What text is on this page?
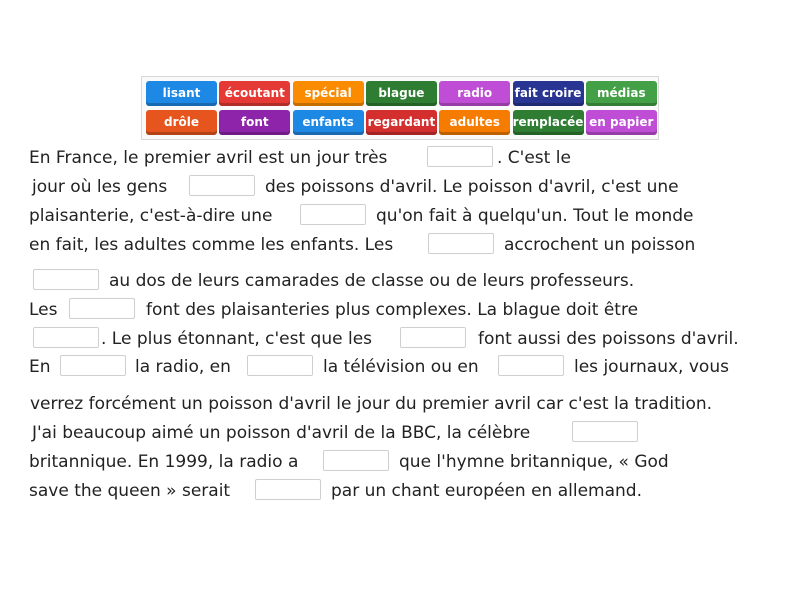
lisant	écoutant	spécial	blague	radio	fait croire	médias
drôle	font	enfants	regardant	adultes	remplacée en papier
En France, le premier avril est un jour très	. C'est le
jour où les gens	des poissons d'avril. Le poisson d'avril, c'est une
plaisanterie, c'est-à-dire une	qu'on fait à quelqu'un. Tout le monde
en fait, les adultes comme les enfants. Les	accrochent un poisson
au dos de leurs camarades de classe ou de leurs professeurs.
Les	font des plaisanteries plus complexes. La blague doit être
. Le plus étonnant, c'est que les	font aussi des poissons d'avril.
En	la radio, en	la télévision ou en	les journaux, vous
verrez forcément un poisson d'avril le jour du premier avril car c'est la tradition.
J'ai beaucoup aimé un poisson d'avril de la BBC, la célèbre
britannique. En 1999, la radio a	que l'hymne britannique, « God
save the queen » serait	par un chant européen en allemand.
